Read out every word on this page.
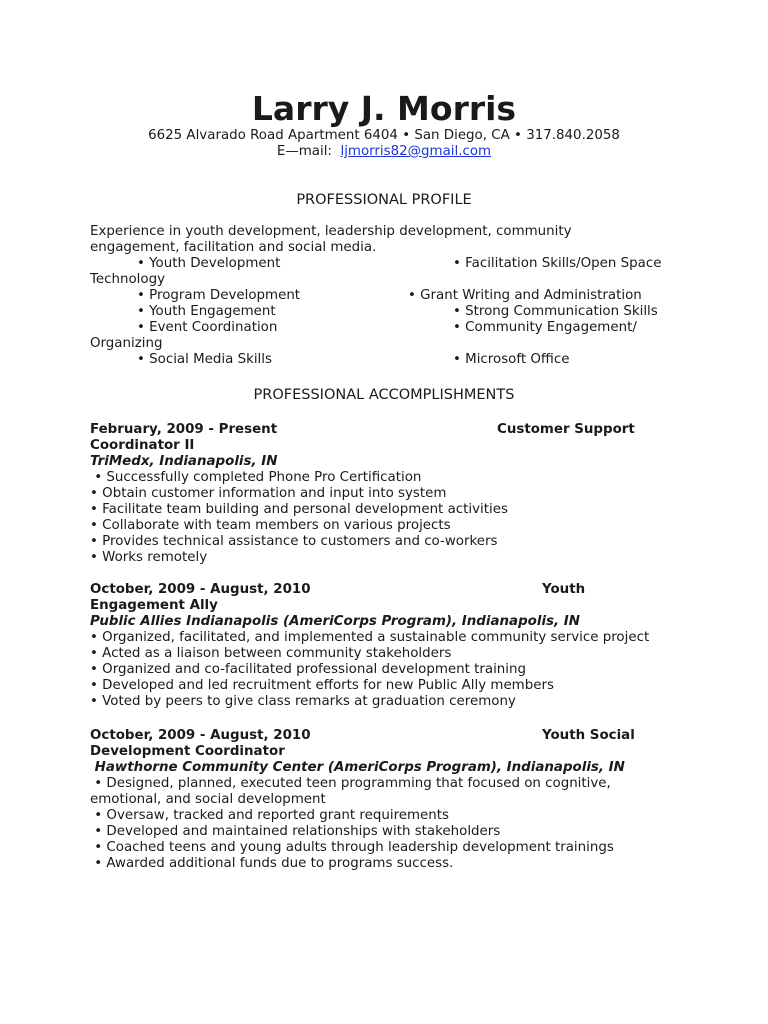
Larry J. Morris
6625 Alvarado Road Apartment 6404 • San Diego, CA • 317.840.2058
E—mail:  ljmorris82@gmail.com
PROFESSIONAL PROFILE
Experience in youth development, leadership development, community
engagement, facilitation and social media.
• Youth Development	• Facilitation Skills/Open Space
Technology
• Program Development	• Grant Writing and Administration
• Youth Engagement	• Strong Communication Skills
• Event Coordination	• Community Engagement/
Organizing
• Social Media Skills	• Microsoft Office
PROFESSIONAL ACCOMPLISHMENTS
February, 2009 - Present	Customer Support
Coordinator II
TriMedx, Indianapolis, IN
• Successfully completed Phone Pro Certification
• Obtain customer information and input into system
• Facilitate team building and personal development activities
• Collaborate with team members on various projects
• Provides technical assistance to customers and co-workers
• Works remotely
October, 2009 - August, 2010	Youth
Engagement Ally
Public Allies Indianapolis (AmeriCorps Program), Indianapolis, IN
• Organized, facilitated, and implemented a sustainable community service project
• Acted as a liaison between community stakeholders
• Organized and co-facilitated professional development training
• Developed and led recruitment efforts for new Public Ally members
• Voted by peers to give class remarks at graduation ceremony
October, 2009 - August, 2010	Youth Social
Development Coordinator
Hawthorne Community Center (AmeriCorps Program), Indianapolis, IN
• Designed, planned, executed teen programming that focused on cognitive,
emotional, and social development
• Oversaw, tracked and reported grant requirements
• Developed and maintained relationships with stakeholders
• Coached teens and young adults through leadership development trainings
• Awarded additional funds due to programs success.
